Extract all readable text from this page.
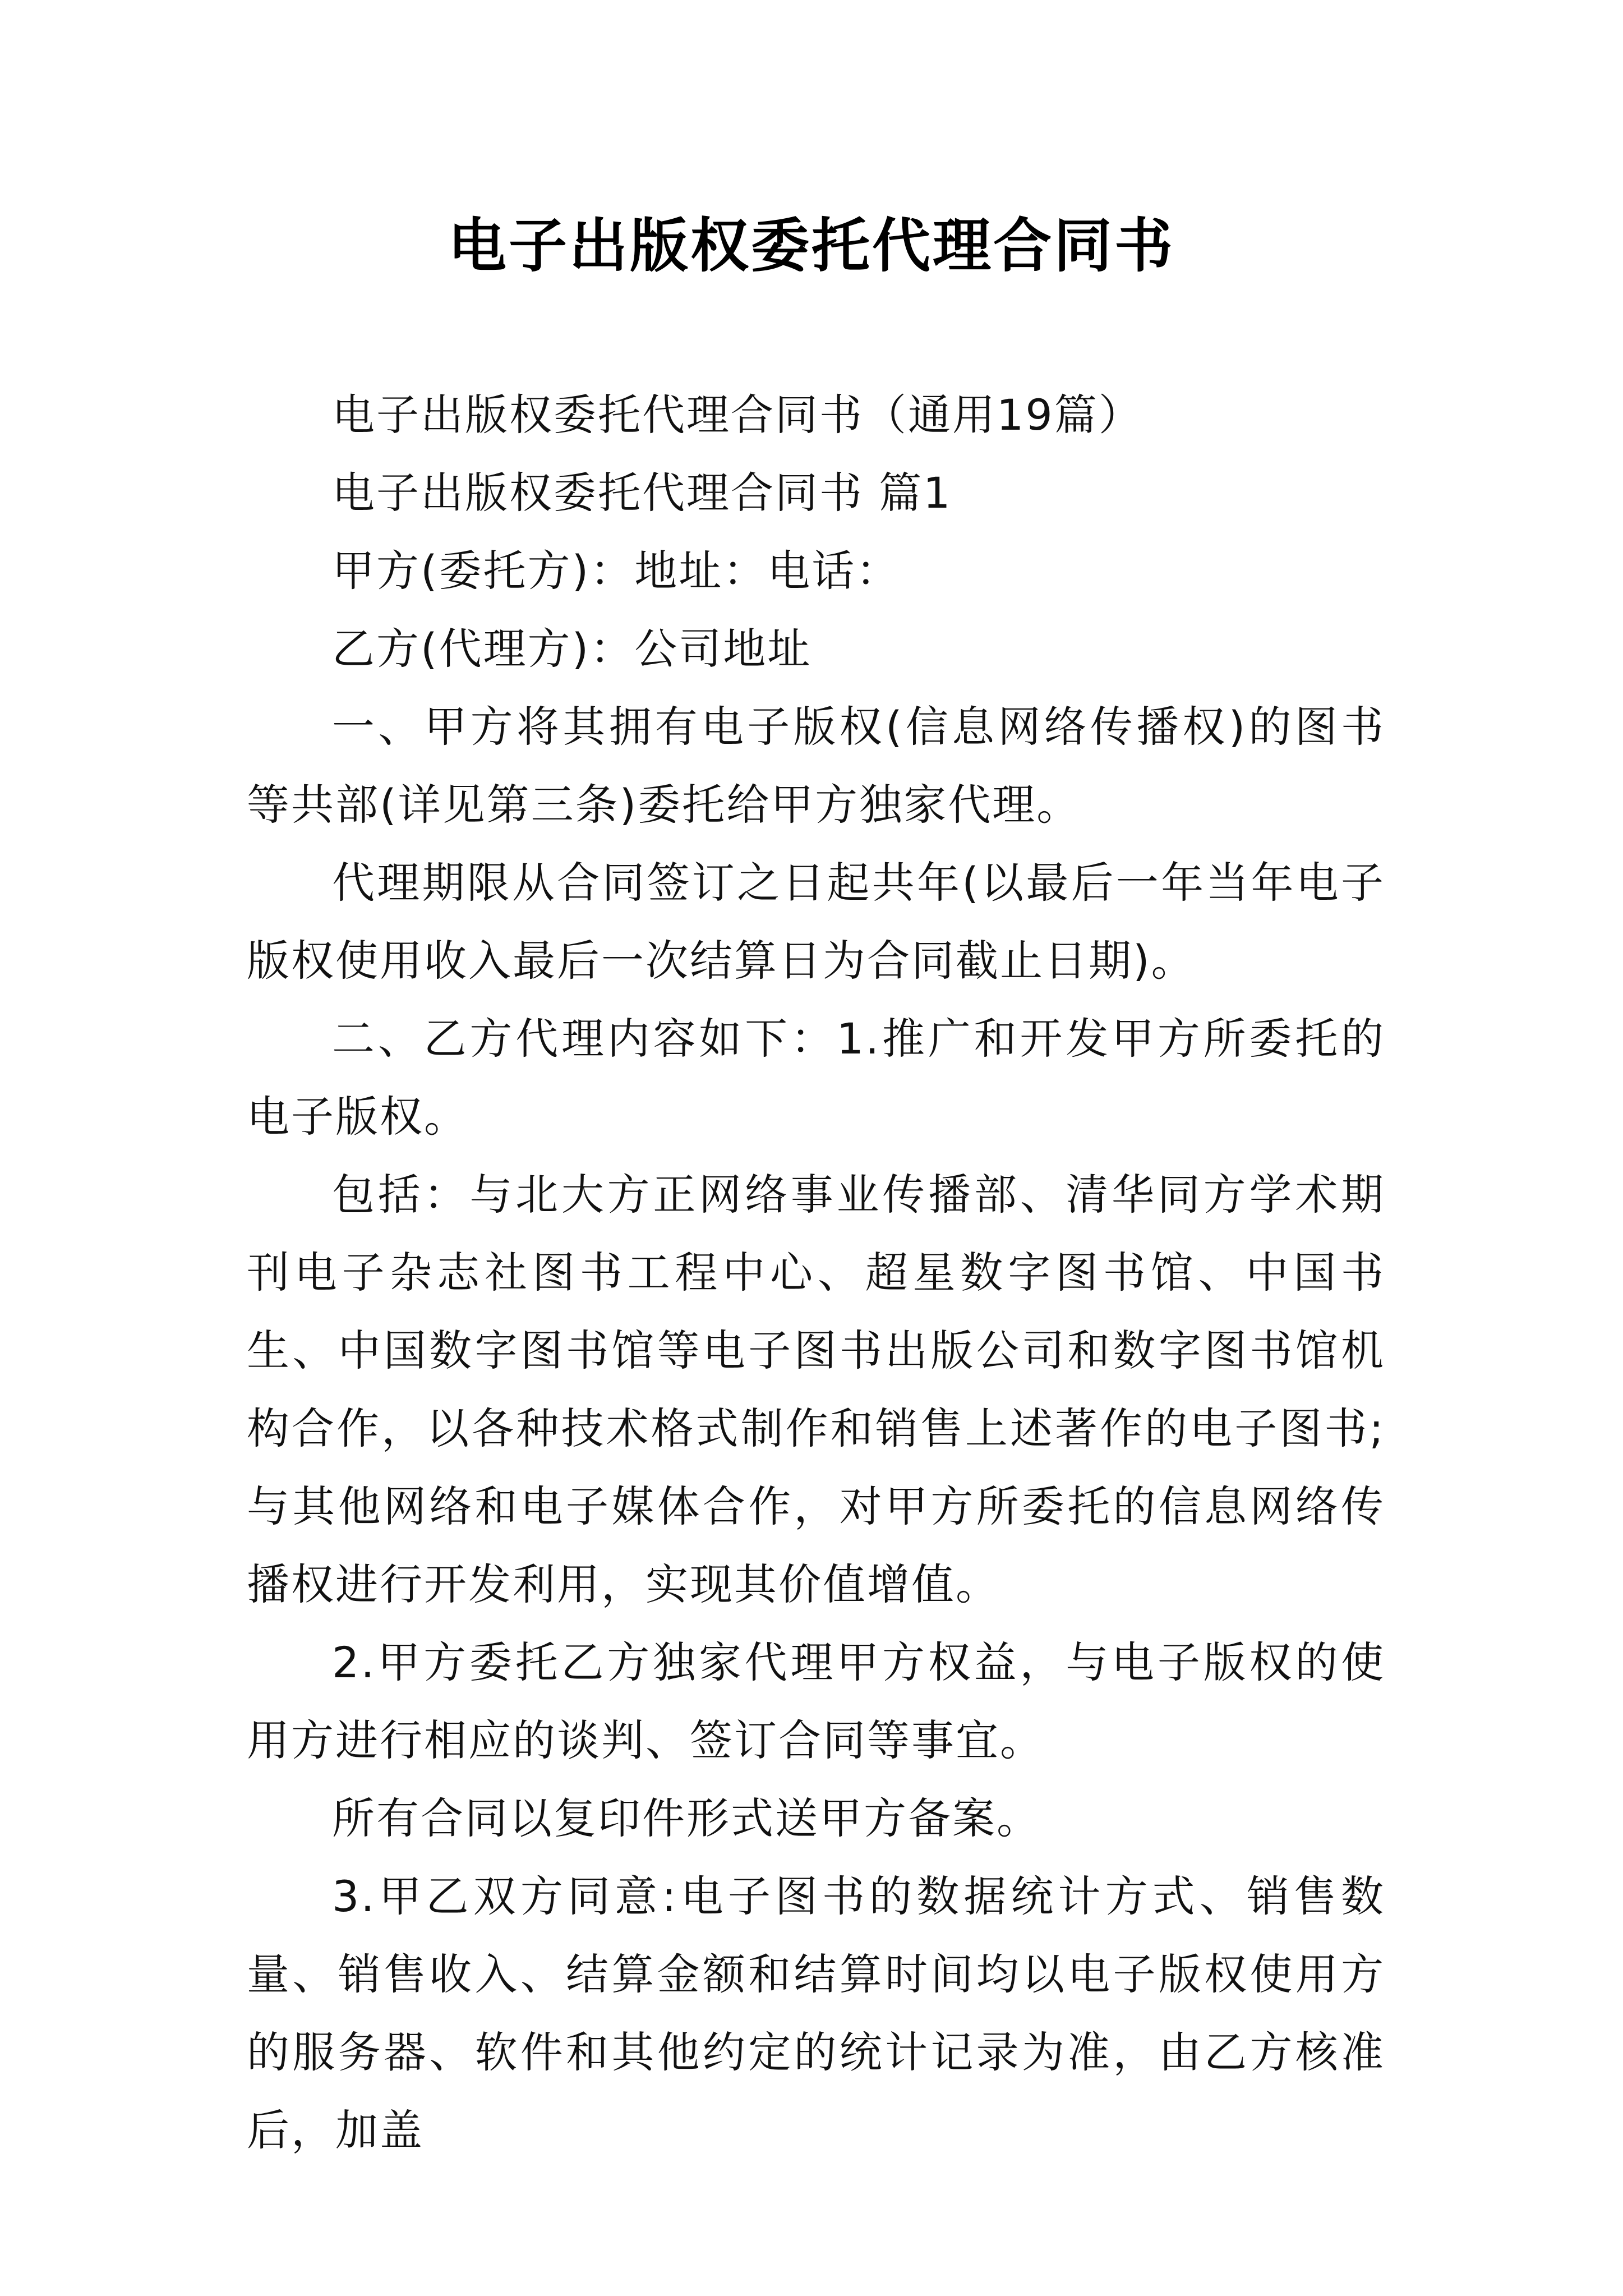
电子出版权委托代理合同书

电子出版权委托代理合同书（通用19篇）

电子出版权委托代理合同书 篇1

甲方(委托方)：地址：电话：

乙方(代理方)：公司地址

一、甲方将其拥有电子版权(信息网络传播权)的图书等共部(详见第三条)委托给甲方独家代理。

代理期限从合同签订之日起共年(以最后一年当年电子版权使用收入最后一次结算日为合同截止日期)。

二、乙方代理内容如下：1.推广和开发甲方所委托的电子版权。

包括：与北大方正网络事业传播部、清华同方学术期刊电子杂志社图书工程中心、超星数字图书馆、中国书生、中国数字图书馆等电子图书出版公司和数字图书馆机构合作，以各种技术格式制作和销售上述著作的电子图书;与其他网络和电子媒体合作，对甲方所委托的信息网络传播权进行开发利用，实现其价值增值。

2.甲方委托乙方独家代理甲方权益，与电子版权的使用方进行相应的谈判、签订合同等事宜。

所有合同以复印件形式送甲方备案。

3.甲乙双方同意:电子图书的数据统计方式、销售数量、销售收入、结算金额和结算时间均以电子版权使用方的服务器、软件和其他约定的统计记录为准，由乙方核准后，加盖
